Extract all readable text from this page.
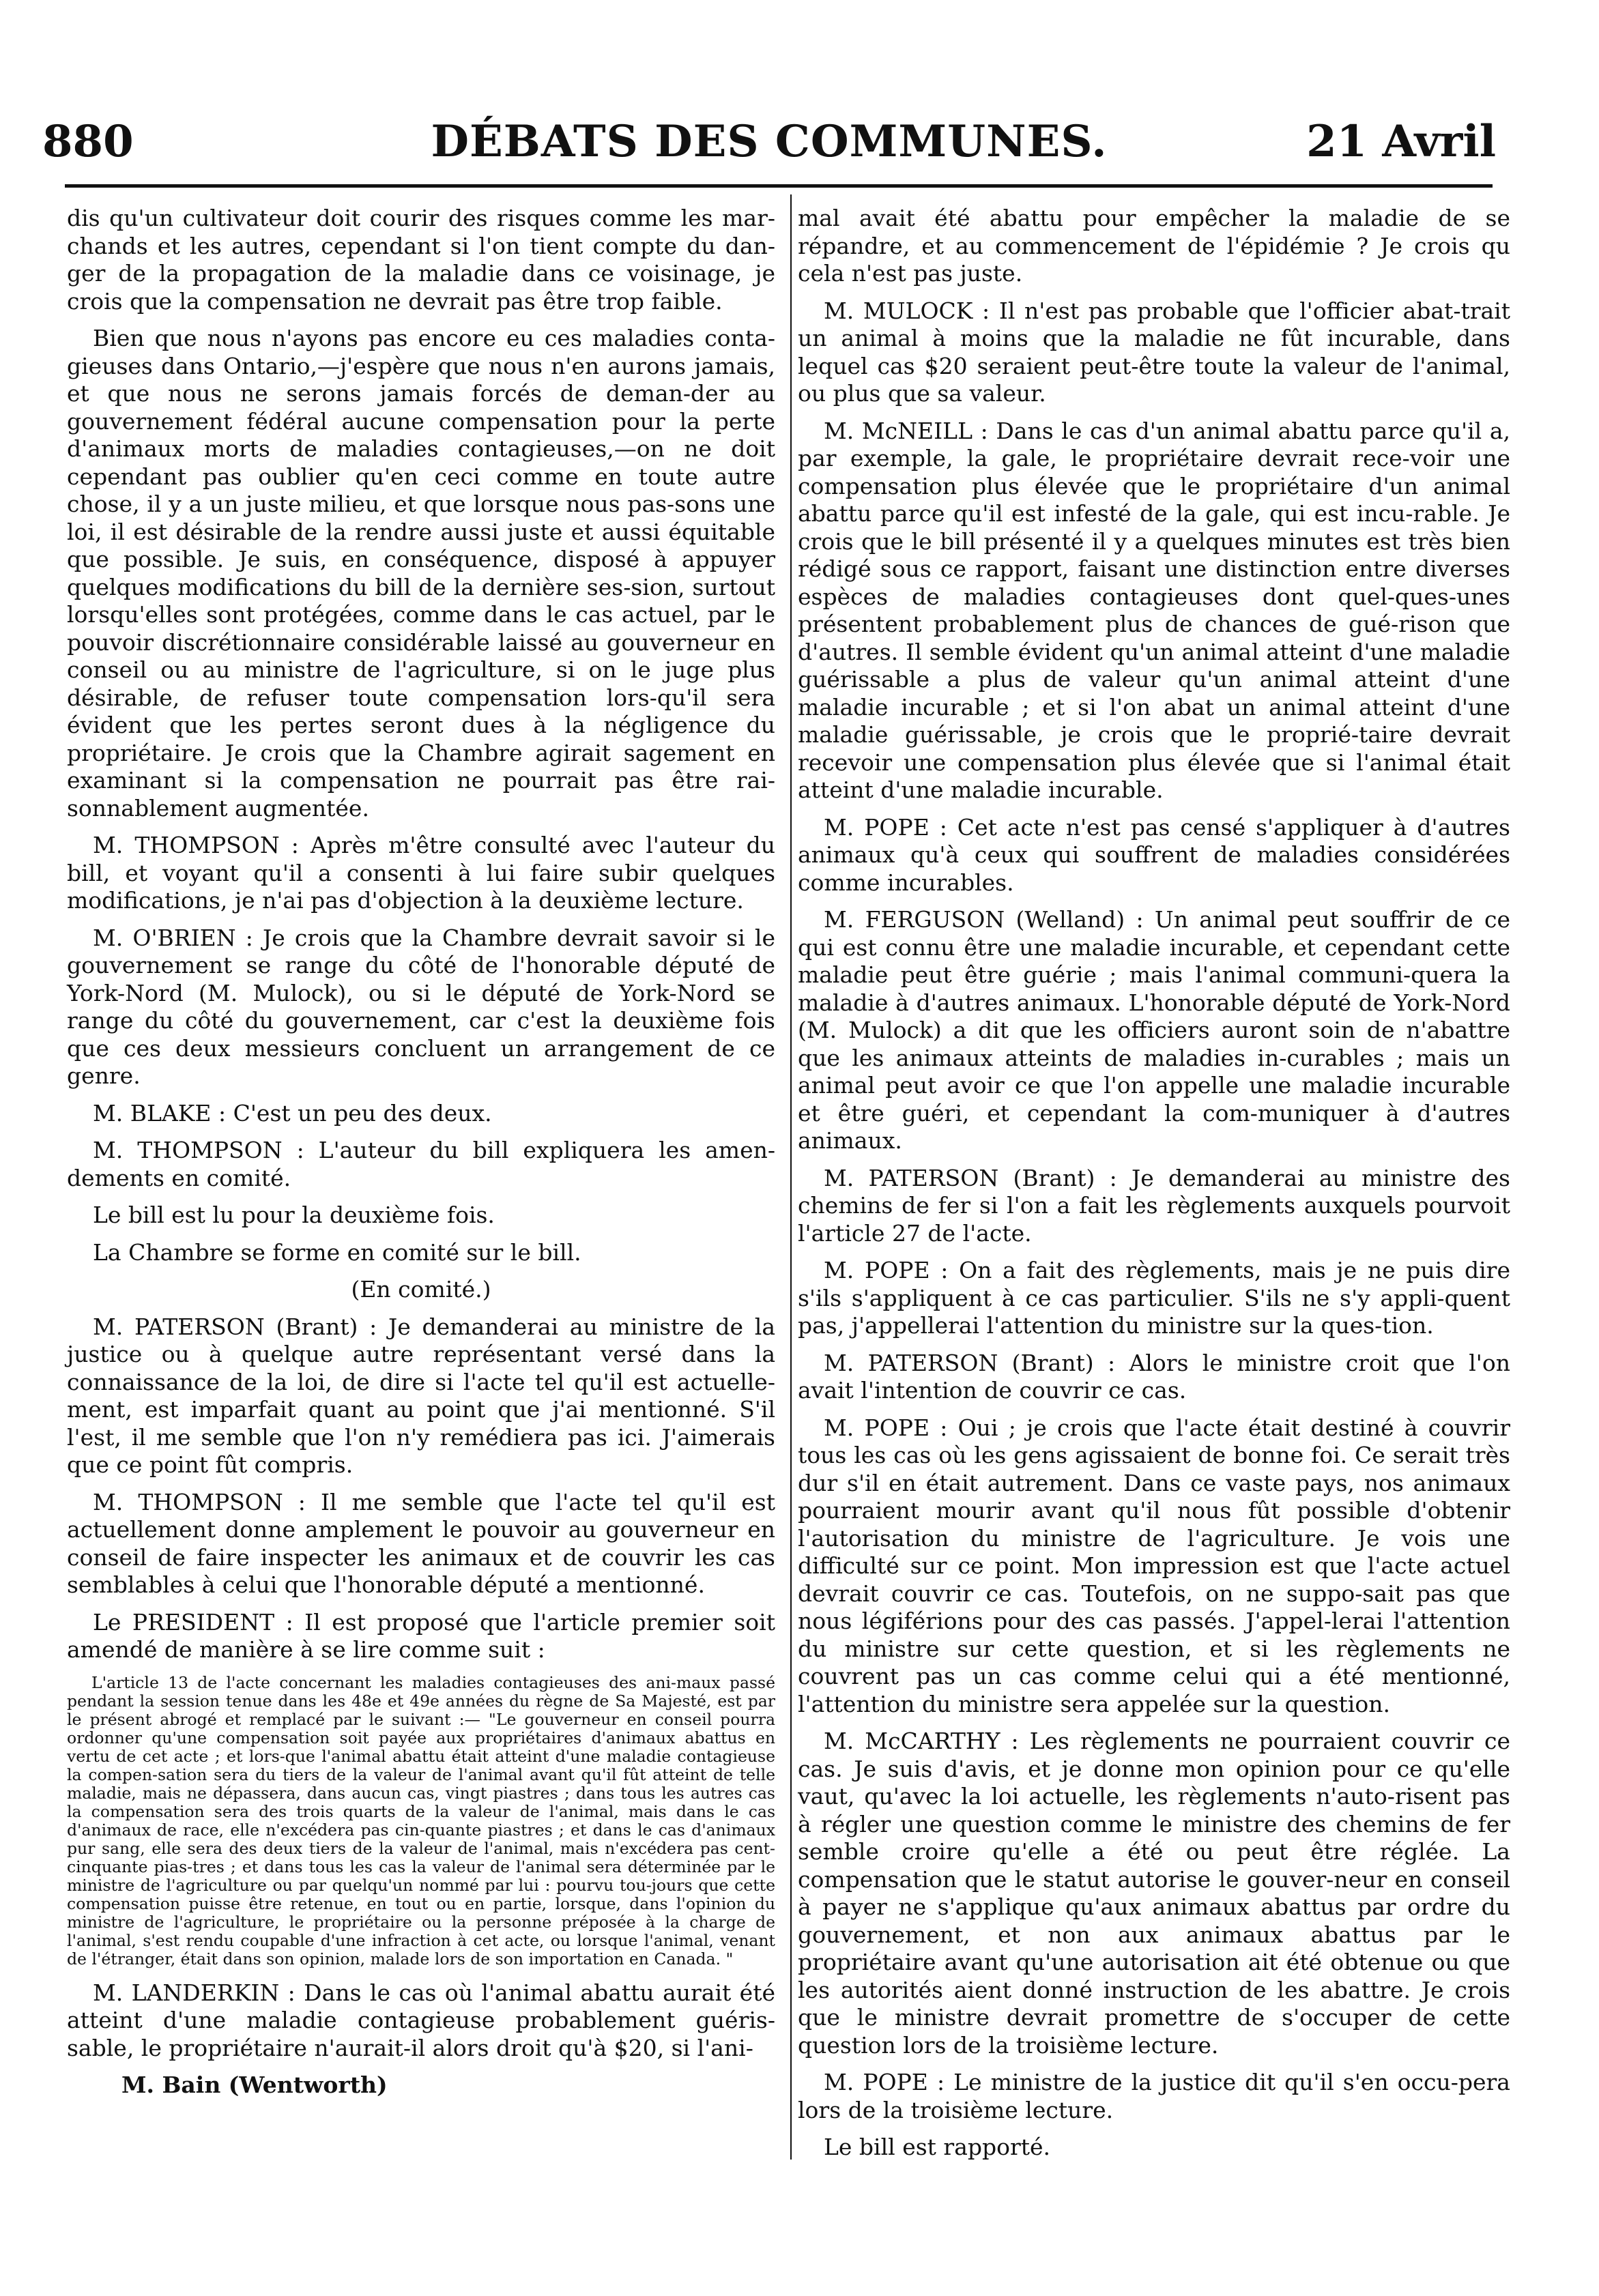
DÉBATS DES COMMUNES.
880	21 Avril

dis qu'un cultivateur doit courir des risques comme les mar-chands et les autres, cependant si l'on tient compte du dan-ger de la propagation de la maladie dans ce voisinage, je crois que la compensation ne devrait pas être trop faible.

Bien que nous n'ayons pas encore eu ces maladies conta-gieuses dans Ontario,—j'espère que nous n'en aurons jamais, et que nous ne serons jamais forcés de deman-der au gouvernement fédéral aucune compensation pour la perte d'animaux morts de maladies contagieuses,—on ne doit cependant pas oublier qu'en ceci comme en toute autre chose, il y a un juste milieu, et que lorsque nous pas-sons une loi, il est désirable de la rendre aussi juste et aussi équitable que possible. Je suis, en conséquence, disposé à appuyer quelques modifications du bill de la dernière ses-sion, surtout lorsqu'elles sont protégées, comme dans le cas actuel, par le pouvoir discrétionnaire considérable laissé au gouverneur en conseil ou au ministre de l'agriculture, si on le juge plus désirable, de refuser toute compensation lors-qu'il sera évident que les pertes seront dues à la négligence du propriétaire. Je crois que la Chambre agirait sagement en examinant si la compensation ne pourrait pas être rai-sonnablement augmentée.

M. THOMPSON : Après m'être consulté avec l'auteur du bill, et voyant qu'il a consenti à lui faire subir quelques modifications, je n'ai pas d'objection à la deuxième lecture.

M. O'BRIEN : Je crois que la Chambre devrait savoir si le gouvernement se range du côté de l'honorable député de York-Nord (M. Mulock), ou si le député de York-Nord se range du côté du gouvernement, car c'est la deuxième fois que ces deux messieurs concluent un arrangement de ce genre.

M. BLAKE : C'est un peu des deux.

M. THOMPSON : L'auteur du bill expliquera les amen-dements en comité.

Le bill est lu pour la deuxième fois.

La Chambre se forme en comité sur le bill.

(En comité.)

M. PATERSON (Brant) : Je demanderai au ministre de la justice ou à quelque autre représentant versé dans la connaissance de la loi, de dire si l'acte tel qu'il est actuelle-ment, est imparfait quant au point que j'ai mentionné. S'il l'est, il me semble que l'on n'y remédiera pas ici. J'aimerais que ce point fût compris.

M. THOMPSON : Il me semble que l'acte tel qu'il est actuellement donne amplement le pouvoir au gouverneur en conseil de faire inspecter les animaux et de couvrir les cas semblables à celui que l'honorable député a mentionné.

Le PRESIDENT : Il est proposé que l'article premier soit amendé de manière à se lire comme suit :

L'article 13 de l'acte concernant les maladies contagieuses des ani-maux passé pendant la session tenue dans les 48e et 49e années du règne de Sa Majesté, est par le présent abrogé et remplacé par le suivant :— "Le gouverneur en conseil pourra ordonner qu'une compensation soit payée aux propriétaires d'animaux abattus en vertu de cet acte ; et lors-que l'animal abattu était atteint d'une maladie contagieuse la compen-sation sera du tiers de la valeur de l'animal avant qu'il fût atteint de telle maladie, mais ne dépassera, dans aucun cas, vingt piastres ; dans tous les autres cas la compensation sera des trois quarts de la valeur de l'animal, mais dans le cas d'animaux de race, elle n'excédera pas cin-quante piastres ; et dans le cas d'animaux pur sang, elle sera des deux tiers de la valeur de l'animal, mais n'excédera pas cent-cinquante pias-tres ; et dans tous les cas la valeur de l'animal sera déterminée par le ministre de l'agriculture ou par quelqu'un nommé par lui : pourvu tou-jours que cette compensation puisse être retenue, en tout ou en partie, lorsque, dans l'opinion du ministre de l'agriculture, le propriétaire ou la personne préposée à la charge de l'animal, s'est rendu coupable d'une infraction à cet acte, ou lorsque l'animal, venant de l'étranger, était dans son opinion, malade lors de son importation en Canada. "

M. LANDERKIN : Dans le cas où l'animal abattu aurait été atteint d'une maladie contagieuse probablement guéris-sable, le propriétaire n'aurait-il alors droit qu'à $20, si l'ani-

M. Bain (Wentworth)

mal avait été abattu pour empêcher la maladie de se répandre, et au commencement de l'épidémie ? Je crois qu cela n'est pas juste.

M. MULOCK : Il n'est pas probable que l'officier abat-trait un animal à moins que la maladie ne fût incurable, dans lequel cas $20 seraient peut-être toute la valeur de l'animal, ou plus que sa valeur.

M. McNEILL : Dans le cas d'un animal abattu parce qu'il a, par exemple, la gale, le propriétaire devrait rece-voir une compensation plus élevée que le propriétaire d'un animal abattu parce qu'il est infesté de la gale, qui est incu-rable. Je crois que le bill présenté il y a quelques minutes est très bien rédigé sous ce rapport, faisant une distinction entre diverses espèces de maladies contagieuses dont quel-ques-unes présentent probablement plus de chances de gué-rison que d'autres. Il semble évident qu'un animal atteint d'une maladie guérissable a plus de valeur qu'un animal atteint d'une maladie incurable ; et si l'on abat un animal atteint d'une maladie guérissable, je crois que le proprié-taire devrait recevoir une compensation plus élevée que si l'animal était atteint d'une maladie incurable.

M. POPE : Cet acte n'est pas censé s'appliquer à d'autres animaux qu'à ceux qui souffrent de maladies considérées comme incurables.

M. FERGUSON (Welland) : Un animal peut souffrir de ce qui est connu être une maladie incurable, et cependant cette maladie peut être guérie ; mais l'animal communi-quera la maladie à d'autres animaux. L'honorable député de York-Nord (M. Mulock) a dit que les officiers auront soin de n'abattre que les animaux atteints de maladies in-curables ; mais un animal peut avoir ce que l'on appelle une maladie incurable et être guéri, et cependant la com-muniquer à d'autres animaux.

M. PATERSON (Brant) : Je demanderai au ministre des chemins de fer si l'on a fait les règlements auxquels pourvoit l'article 27 de l'acte.

M. POPE : On a fait des règlements, mais je ne puis dire s'ils s'appliquent à ce cas particulier. S'ils ne s'y appli-quent pas, j'appellerai l'attention du ministre sur la ques-tion.

M. PATERSON (Brant) : Alors le ministre croit que l'on avait l'intention de couvrir ce cas.

M. POPE : Oui ; je crois que l'acte était destiné à couvrir tous les cas où les gens agissaient de bonne foi. Ce serait très dur s'il en était autrement. Dans ce vaste pays, nos animaux pourraient mourir avant qu'il nous fût possible d'obtenir l'autorisation du ministre de l'agriculture. Je vois une difficulté sur ce point. Mon impression est que l'acte actuel devrait couvrir ce cas. Toutefois, on ne suppo-sait pas que nous légiférions pour des cas passés. J'appel-lerai l'attention du ministre sur cette question, et si les règlements ne couvrent pas un cas comme celui qui a été mentionné, l'attention du ministre sera appelée sur la question.

M. McCARTHY : Les règlements ne pourraient couvrir ce cas. Je suis d'avis, et je donne mon opinion pour ce qu'elle vaut, qu'avec la loi actuelle, les règlements n'auto-risent pas à régler une question comme le ministre des chemins de fer semble croire qu'elle a été ou peut être réglée. La compensation que le statut autorise le gouver-neur en conseil à payer ne s'applique qu'aux animaux abattus par ordre du gouvernement, et non aux animaux abattus par le propriétaire avant qu'une autorisation ait été obtenue ou que les autorités aient donné instruction de les abattre. Je crois que le ministre devrait promettre de s'occuper de cette question lors de la troisième lecture.

M. POPE : Le ministre de la justice dit qu'il s'en occu-pera lors de la troisième lecture.

Le bill est rapporté.
